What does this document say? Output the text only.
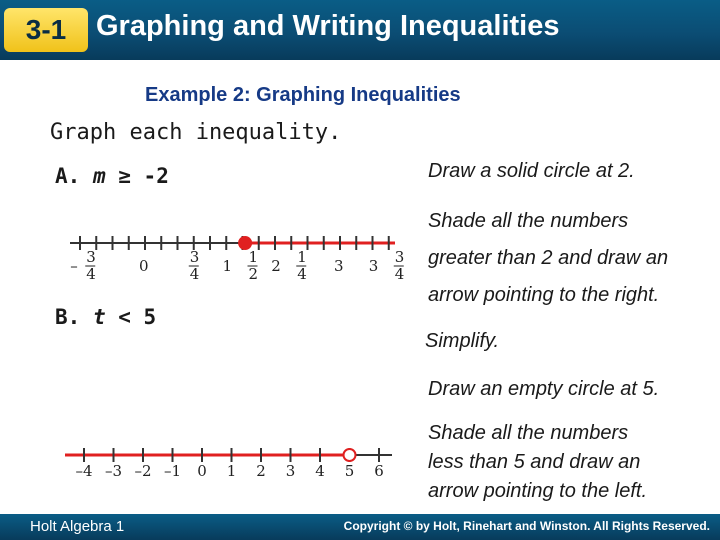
3-1	Graphing and Writing Inequalities
Example 2: Graphing Inequalities
Graph each inequality.
A. m ≥ -2	Draw a solid circle at 2.
Shade all the numbers
greater than 2 and draw an
arrow pointing to the right.
Simplify.
B. t < 5
Draw an empty circle at 5.
Shade all the numbers
less than 5 and draw an
arrow pointing to the left.
– 3
4	0	3
4 1 1
2 2 1
4 3 3 3
4
–4 –3 –2 –1 0 1 2 3 4 5 6
Holt Algebra 1	Copyright © by Holt, Rinehart and Winston. All Rights Reserved.
